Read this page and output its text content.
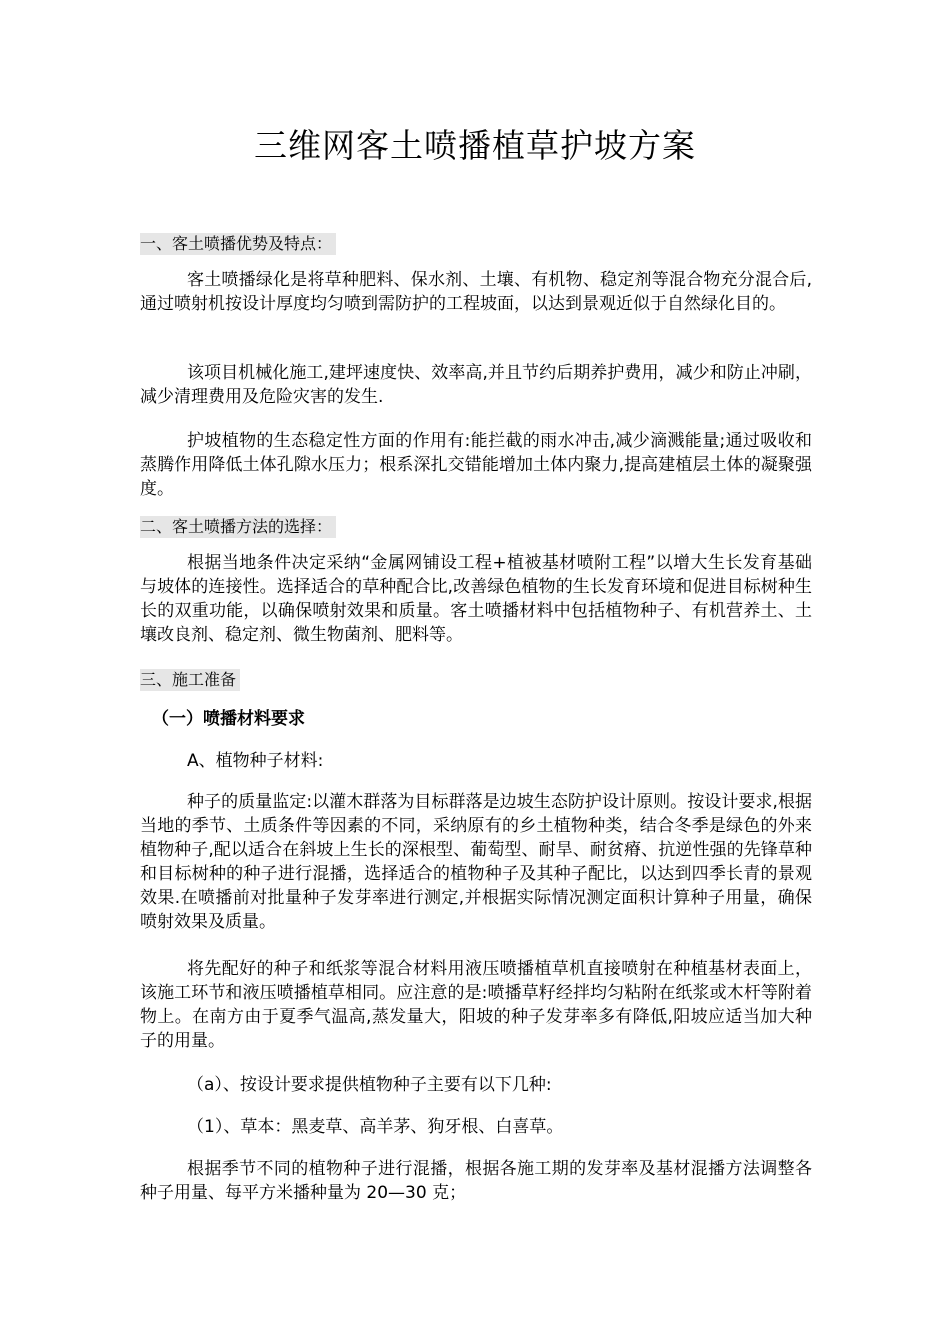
三维网客土喷播植草护坡方案
一、客土喷播优势及特点：

客土喷播绿化是将草种肥料、保水剂、土壤、有机物、稳定剂等混合物充分混合后,通过喷射机按设计厚度均匀喷到需防护的工程坡面，以达到景观近似于自然绿化目的。

该项目机械化施工,建坪速度快、效率高,并且节约后期养护费用，减少和防止冲刷，减少清理费用及危险灾害的发生.

护坡植物的生态稳定性方面的作用有:能拦截的雨水冲击,减少滴溅能量;通过吸收和蒸腾作用降低土体孔隙水压力；根系深扎交错能增加土体内聚力,提高建植层土体的凝聚强度。

二、客土喷播方法的选择：

根据当地条件决定采纳“金属网铺设工程+植被基材喷附工程”以增大生长发育基础与坡体的连接性。选择适合的草种配合比,改善绿色植物的生长发育环境和促进目标树种生长的双重功能，以确保喷射效果和质量。客土喷播材料中包括植物种子、有机营养土、土壤改良剂、稳定剂、微生物菌剂、肥料等。

三、施工准备

（一）喷播材料要求

A、植物种子材料:

种子的质量监定:以灌木群落为目标群落是边坡生态防护设计原则。按设计要求,根据当地的季节、土质条件等因素的不同，采纳原有的乡土植物种类，结合冬季是绿色的外来植物种子,配以适合在斜坡上生长的深根型、葡萄型、耐旱、耐贫瘠、抗逆性强的先锋草种和目标树种的种子进行混播，选择适合的植物种子及其种子配比，以达到四季长青的景观效果.在喷播前对批量种子发芽率进行测定,并根据实际情况测定面积计算种子用量，确保喷射效果及质量。

将先配好的种子和纸浆等混合材料用液压喷播植草机直接喷射在种植基材表面上，该施工环节和液压喷播植草相同。应注意的是:喷播草籽经拌均匀粘附在纸浆或木杆等附着物上。在南方由于夏季气温高,蒸发量大，阳坡的种子发芽率多有降低,阳坡应适当加大种子的用量。

（a）、按设计要求提供植物种子主要有以下几种:

（1）、草本：黑麦草、高羊茅、狗牙根、白喜草。

根据季节不同的植物种子进行混播，根据各施工期的发芽率及基材混播方法调整各种子用量、每平方米播种量为 20—30 克；
